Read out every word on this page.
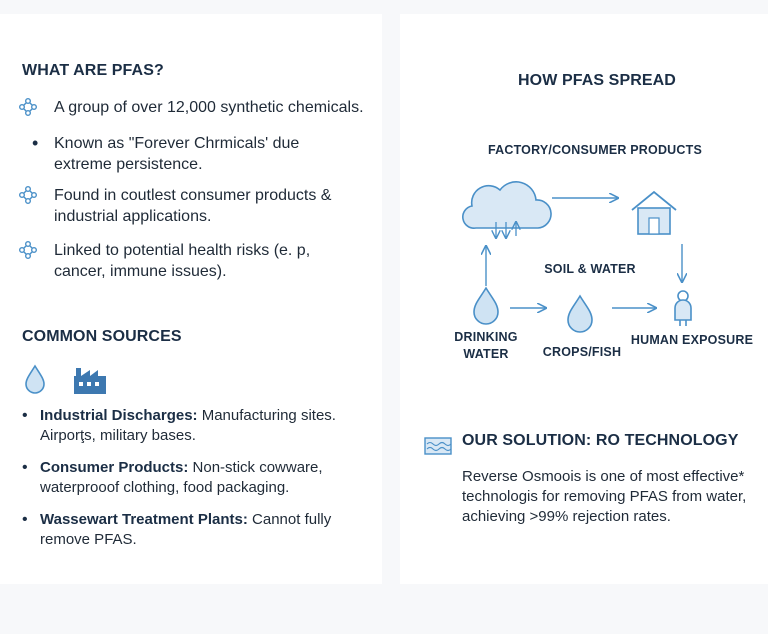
WHAT ARE PFAS?
A group of over 12,000 synthetic chemicals.
• Known as "Forever Chrmicals' due extreme persistence.
Found in coutlest consumer products & industrial applications.
Linked to potential health risks (e. p, cancer, immune issues).
COMMON SOURCES
• Industrial Discharges: Manufacturing sites. Airporţs, military bases.
• Consumer Products: Non-stick cowware, waterprooof clothing, food packaging.
• Wassewart Treatment Plants: Cannot fully remove PFAS.
HOW PFAS SPREAD
FACTORY/CONSUMER PRODUCTS
SOIL & WATER
DRINKING
WATER	CROPS/FISH
HUMAN EXPOSURE
OUR SOLUTION: RO TECHNOLOGY
Reverse Osmoois is one of most effective* technologis for removing PFAS from water, achieving >99% rejection rates.
